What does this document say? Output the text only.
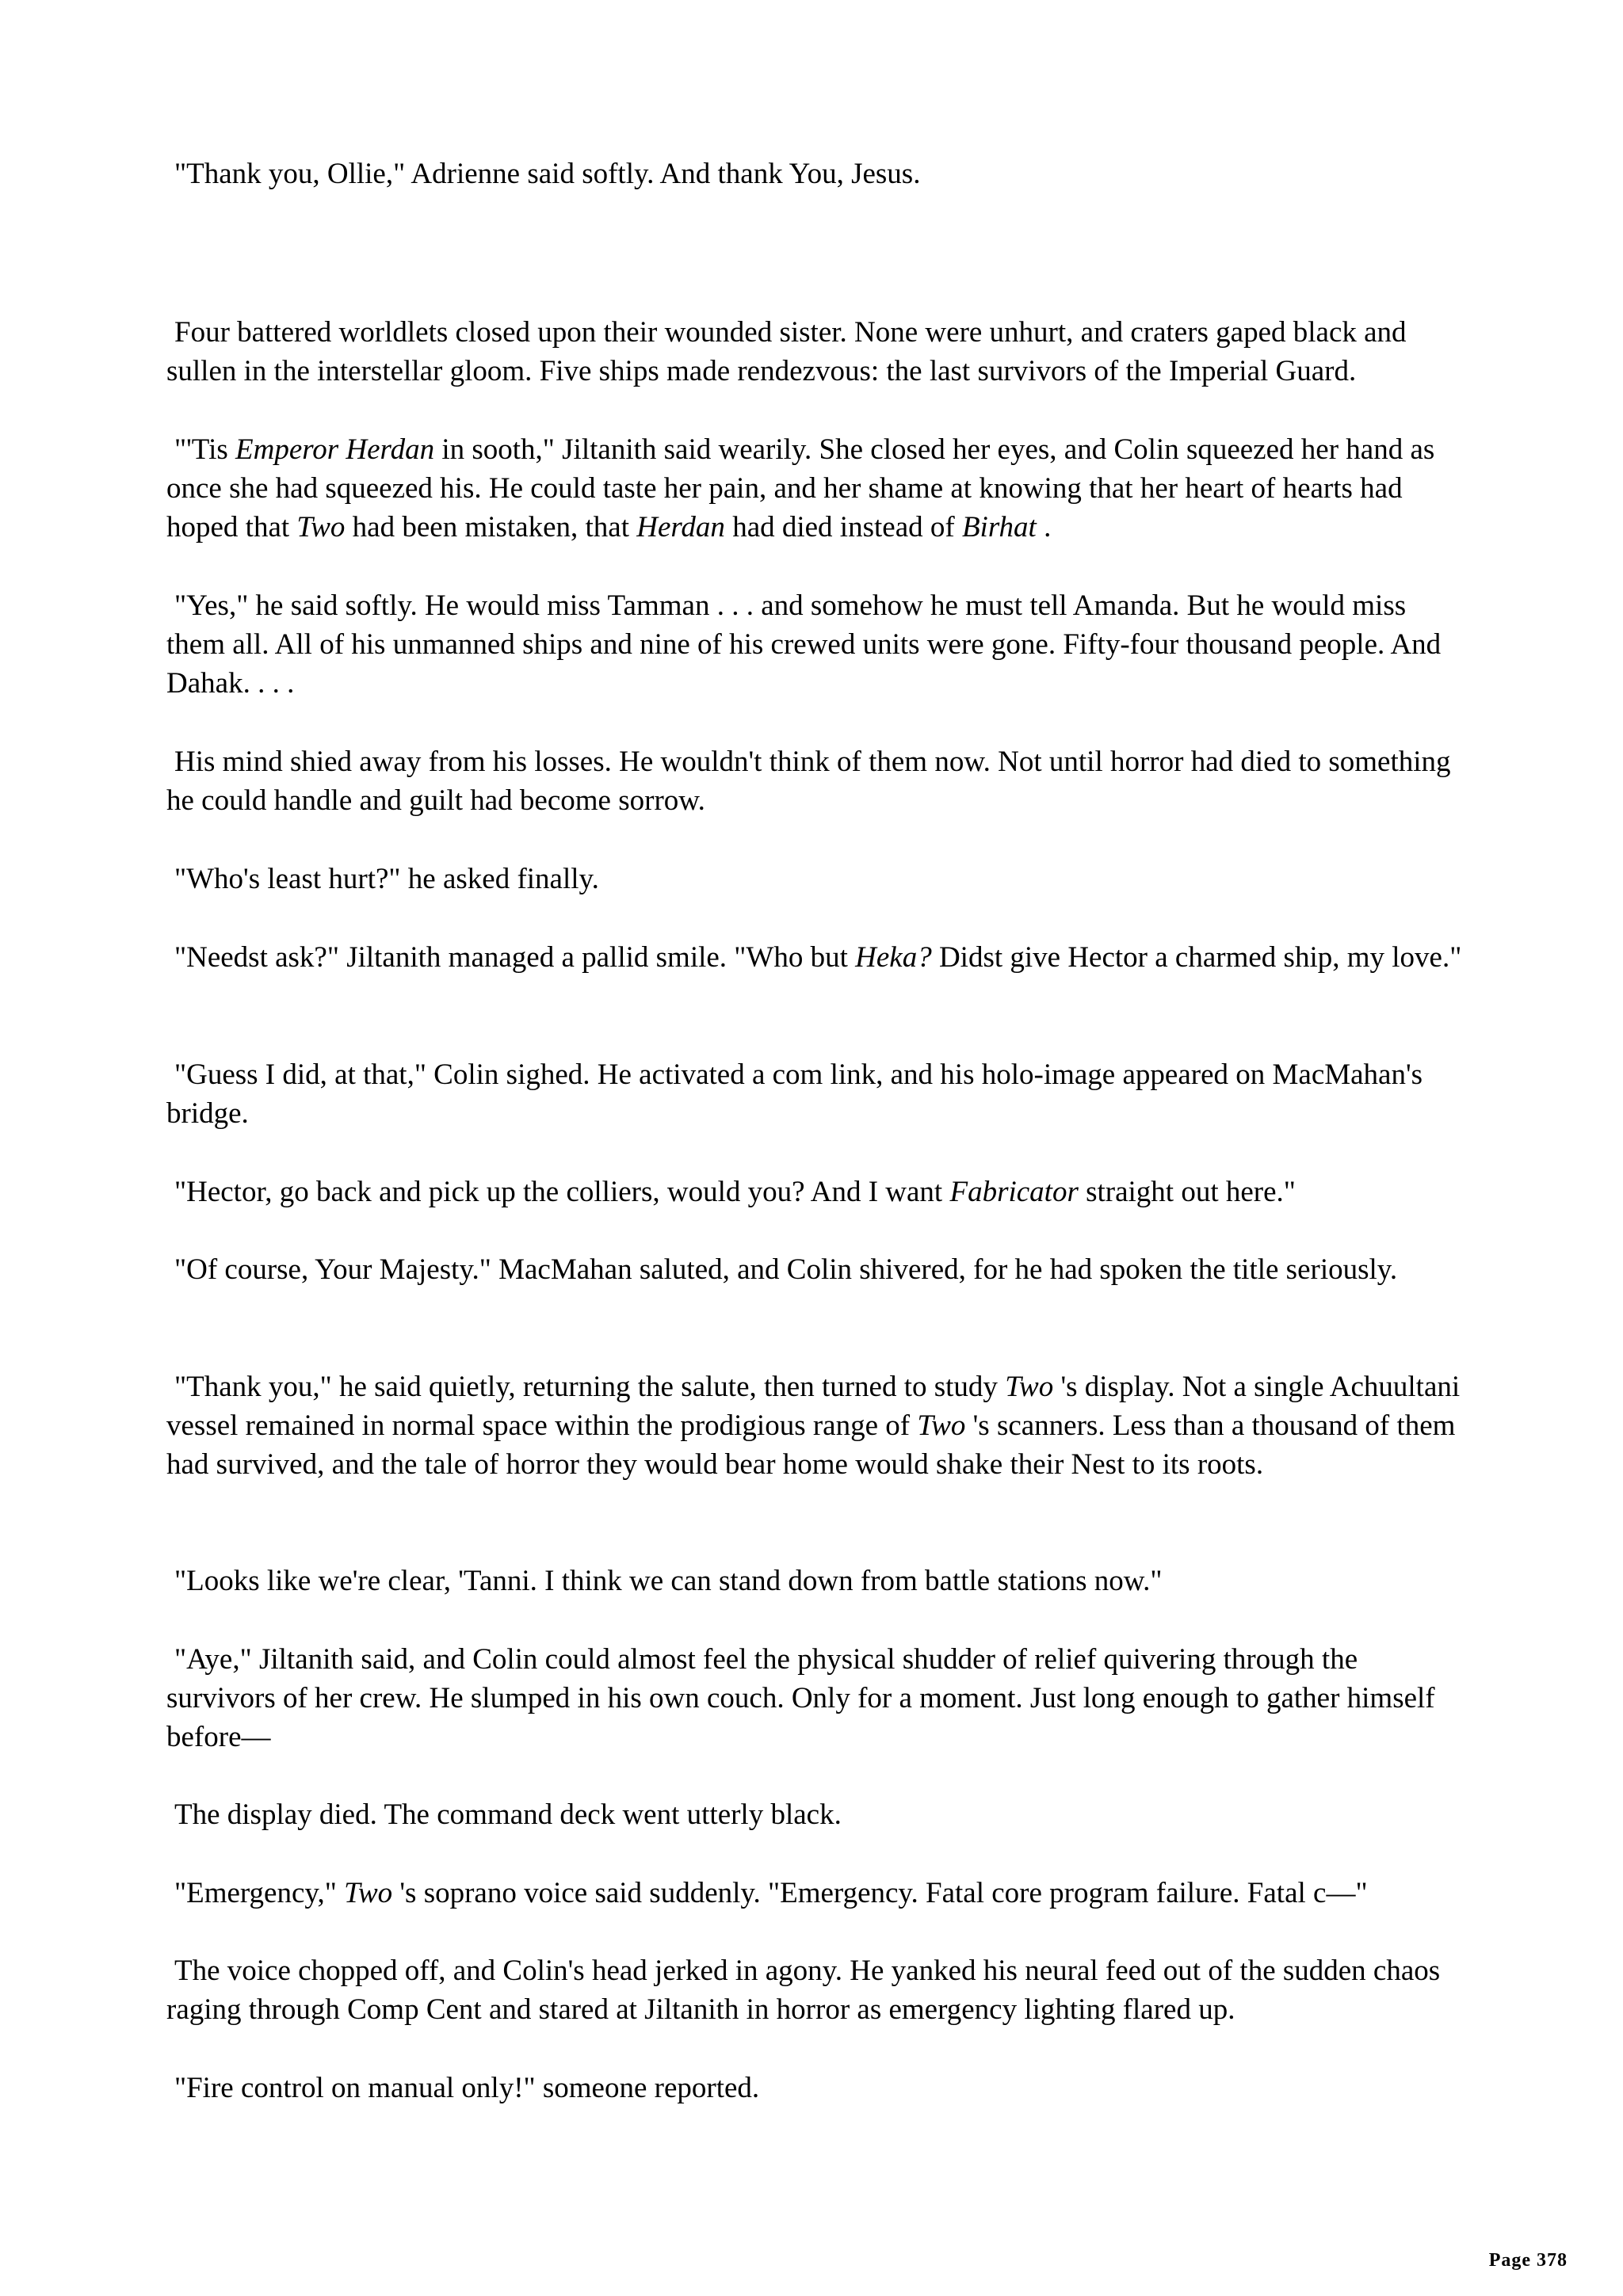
"Thank you, Ollie," Adrienne said softly. And thank You, Jesus.

Four battered worldlets closed upon their wounded sister. None were unhurt, and craters gaped black and sullen in the interstellar gloom. Five ships made rendezvous: the last survivors of the Imperial Guard.

"'Tis Emperor Herdan in sooth," Jiltanith said wearily. She closed her eyes, and Colin squeezed her hand as once she had squeezed his. He could taste her pain, and her shame at knowing that her heart of hearts had hoped that Two had been mistaken, that Herdan had died instead of Birhat .

"Yes," he said softly. He would miss Tamman . . . and somehow he must tell Amanda. But he would miss them all. All of his unmanned ships and nine of his crewed units were gone. Fifty-four thousand people. And Dahak. . . .

His mind shied away from his losses. He wouldn't think of them now. Not until horror had died to something he could handle and guilt had become sorrow.

"Who's least hurt?" he asked finally.

"Needst ask?" Jiltanith managed a pallid smile. "Who but Heka? Didst give Hector a charmed ship, my love."

"Guess I did, at that," Colin sighed. He activated a com link, and his holo-image appeared on MacMahan's bridge.

"Hector, go back and pick up the colliers, would you? And I want Fabricator straight out here."

"Of course, Your Majesty." MacMahan saluted, and Colin shivered, for he had spoken the title seriously.

"Thank you," he said quietly, returning the salute, then turned to study Two 's display. Not a single Achuultani vessel remained in normal space within the prodigious range of Two 's scanners. Less than a thousand of them had survived, and the tale of horror they would bear home would shake their Nest to its roots.

"Looks like we're clear, 'Tanni. I think we can stand down from battle stations now."

"Aye," Jiltanith said, and Colin could almost feel the physical shudder of relief quivering through the survivors of her crew. He slumped in his own couch. Only for a moment. Just long enough to gather himself before—

The display died. The command deck went utterly black.

"Emergency," Two 's soprano voice said suddenly. "Emergency. Fatal core program failure. Fatal c—"

The voice chopped off, and Colin's head jerked in agony. He yanked his neural feed out of the sudden chaos raging through Comp Cent and stared at Jiltanith in horror as emergency lighting flared up.

"Fire control on manual only!" someone reported.

Page 378
